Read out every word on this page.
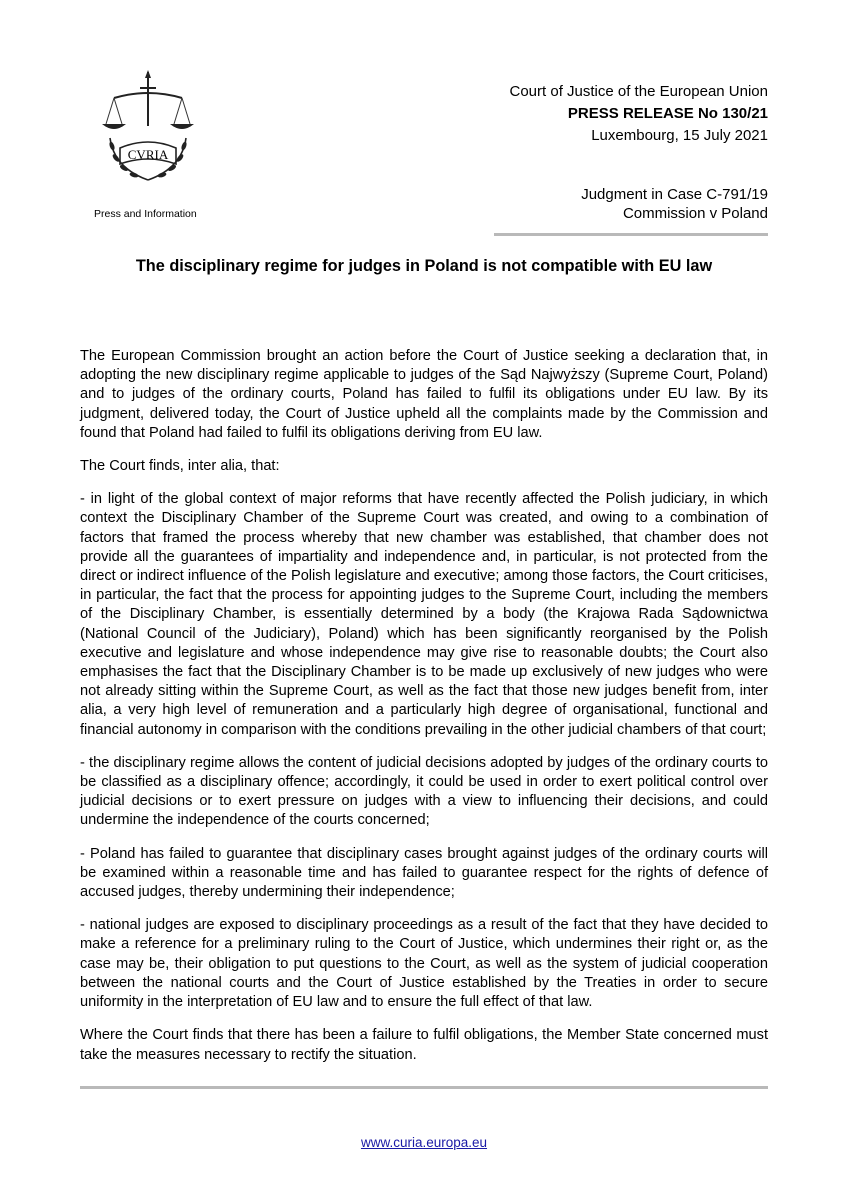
CVRIA
Press and Information
Court of Justice of the European Union
PRESS RELEASE No 130/21
Luxembourg, 15 July 2021
Judgment in Case C-791/19
Commission v Poland
The disciplinary regime for judges in Poland is not compatible with EU law

The European Commission brought an action before the Court of Justice seeking a declaration that, in adopting the new disciplinary regime applicable to judges of the Sąd Najwyższy (Supreme Court, Poland) and to judges of the ordinary courts, Poland has failed to fulfil its obligations under EU law. By its judgment, delivered today, the Court of Justice upheld all the complaints made by the Commission and found that Poland had failed to fulfil its obligations deriving from EU law.

The Court finds, inter alia, that:

- in light of the global context of major reforms that have recently affected the Polish judiciary, in which context the Disciplinary Chamber of the Supreme Court was created, and owing to a combination of factors that framed the process whereby that new chamber was established, that chamber does not provide all the guarantees of impartiality and independence and, in particular, is not protected from the direct or indirect influence of the Polish legislature and executive; among those factors, the Court criticises, in particular, the fact that the process for appointing judges to the Supreme Court, including the members of the Disciplinary Chamber, is essentially determined by a body (the Krajowa Rada Sądownictwa (National Council of the Judiciary), Poland) which has been significantly reorganised by the Polish executive and legislature and whose independence may give rise to reasonable doubts; the Court also emphasises the fact that the Disciplinary Chamber is to be made up exclusively of new judges who were not already sitting within the Supreme Court, as well as the fact that those new judges benefit from, inter alia, a very high level of remuneration and a particularly high degree of organisational, functional and financial autonomy in comparison with the conditions prevailing in the other judicial chambers of that court;

- the disciplinary regime allows the content of judicial decisions adopted by judges of the ordinary courts to be classified as a disciplinary offence; accordingly, it could be used in order to exert political control over judicial decisions or to exert pressure on judges with a view to influencing their decisions, and could undermine the independence of the courts concerned;

- Poland has failed to guarantee that disciplinary cases brought against judges of the ordinary courts will be examined within a reasonable time and has failed to guarantee respect for the rights of defence of accused judges, thereby undermining their independence;

- national judges are exposed to disciplinary proceedings as a result of the fact that they have decided to make a reference for a preliminary ruling to the Court of Justice, which undermines their right or, as the case may be, their obligation to put questions to the Court, as well as the system of judicial cooperation between the national courts and the Court of Justice established by the Treaties in order to secure uniformity in the interpretation of EU law and to ensure the full effect of that law.

Where the Court finds that there has been a failure to fulfil obligations, the Member State concerned must take the measures necessary to rectify the situation.

www.curia.europa.eu
